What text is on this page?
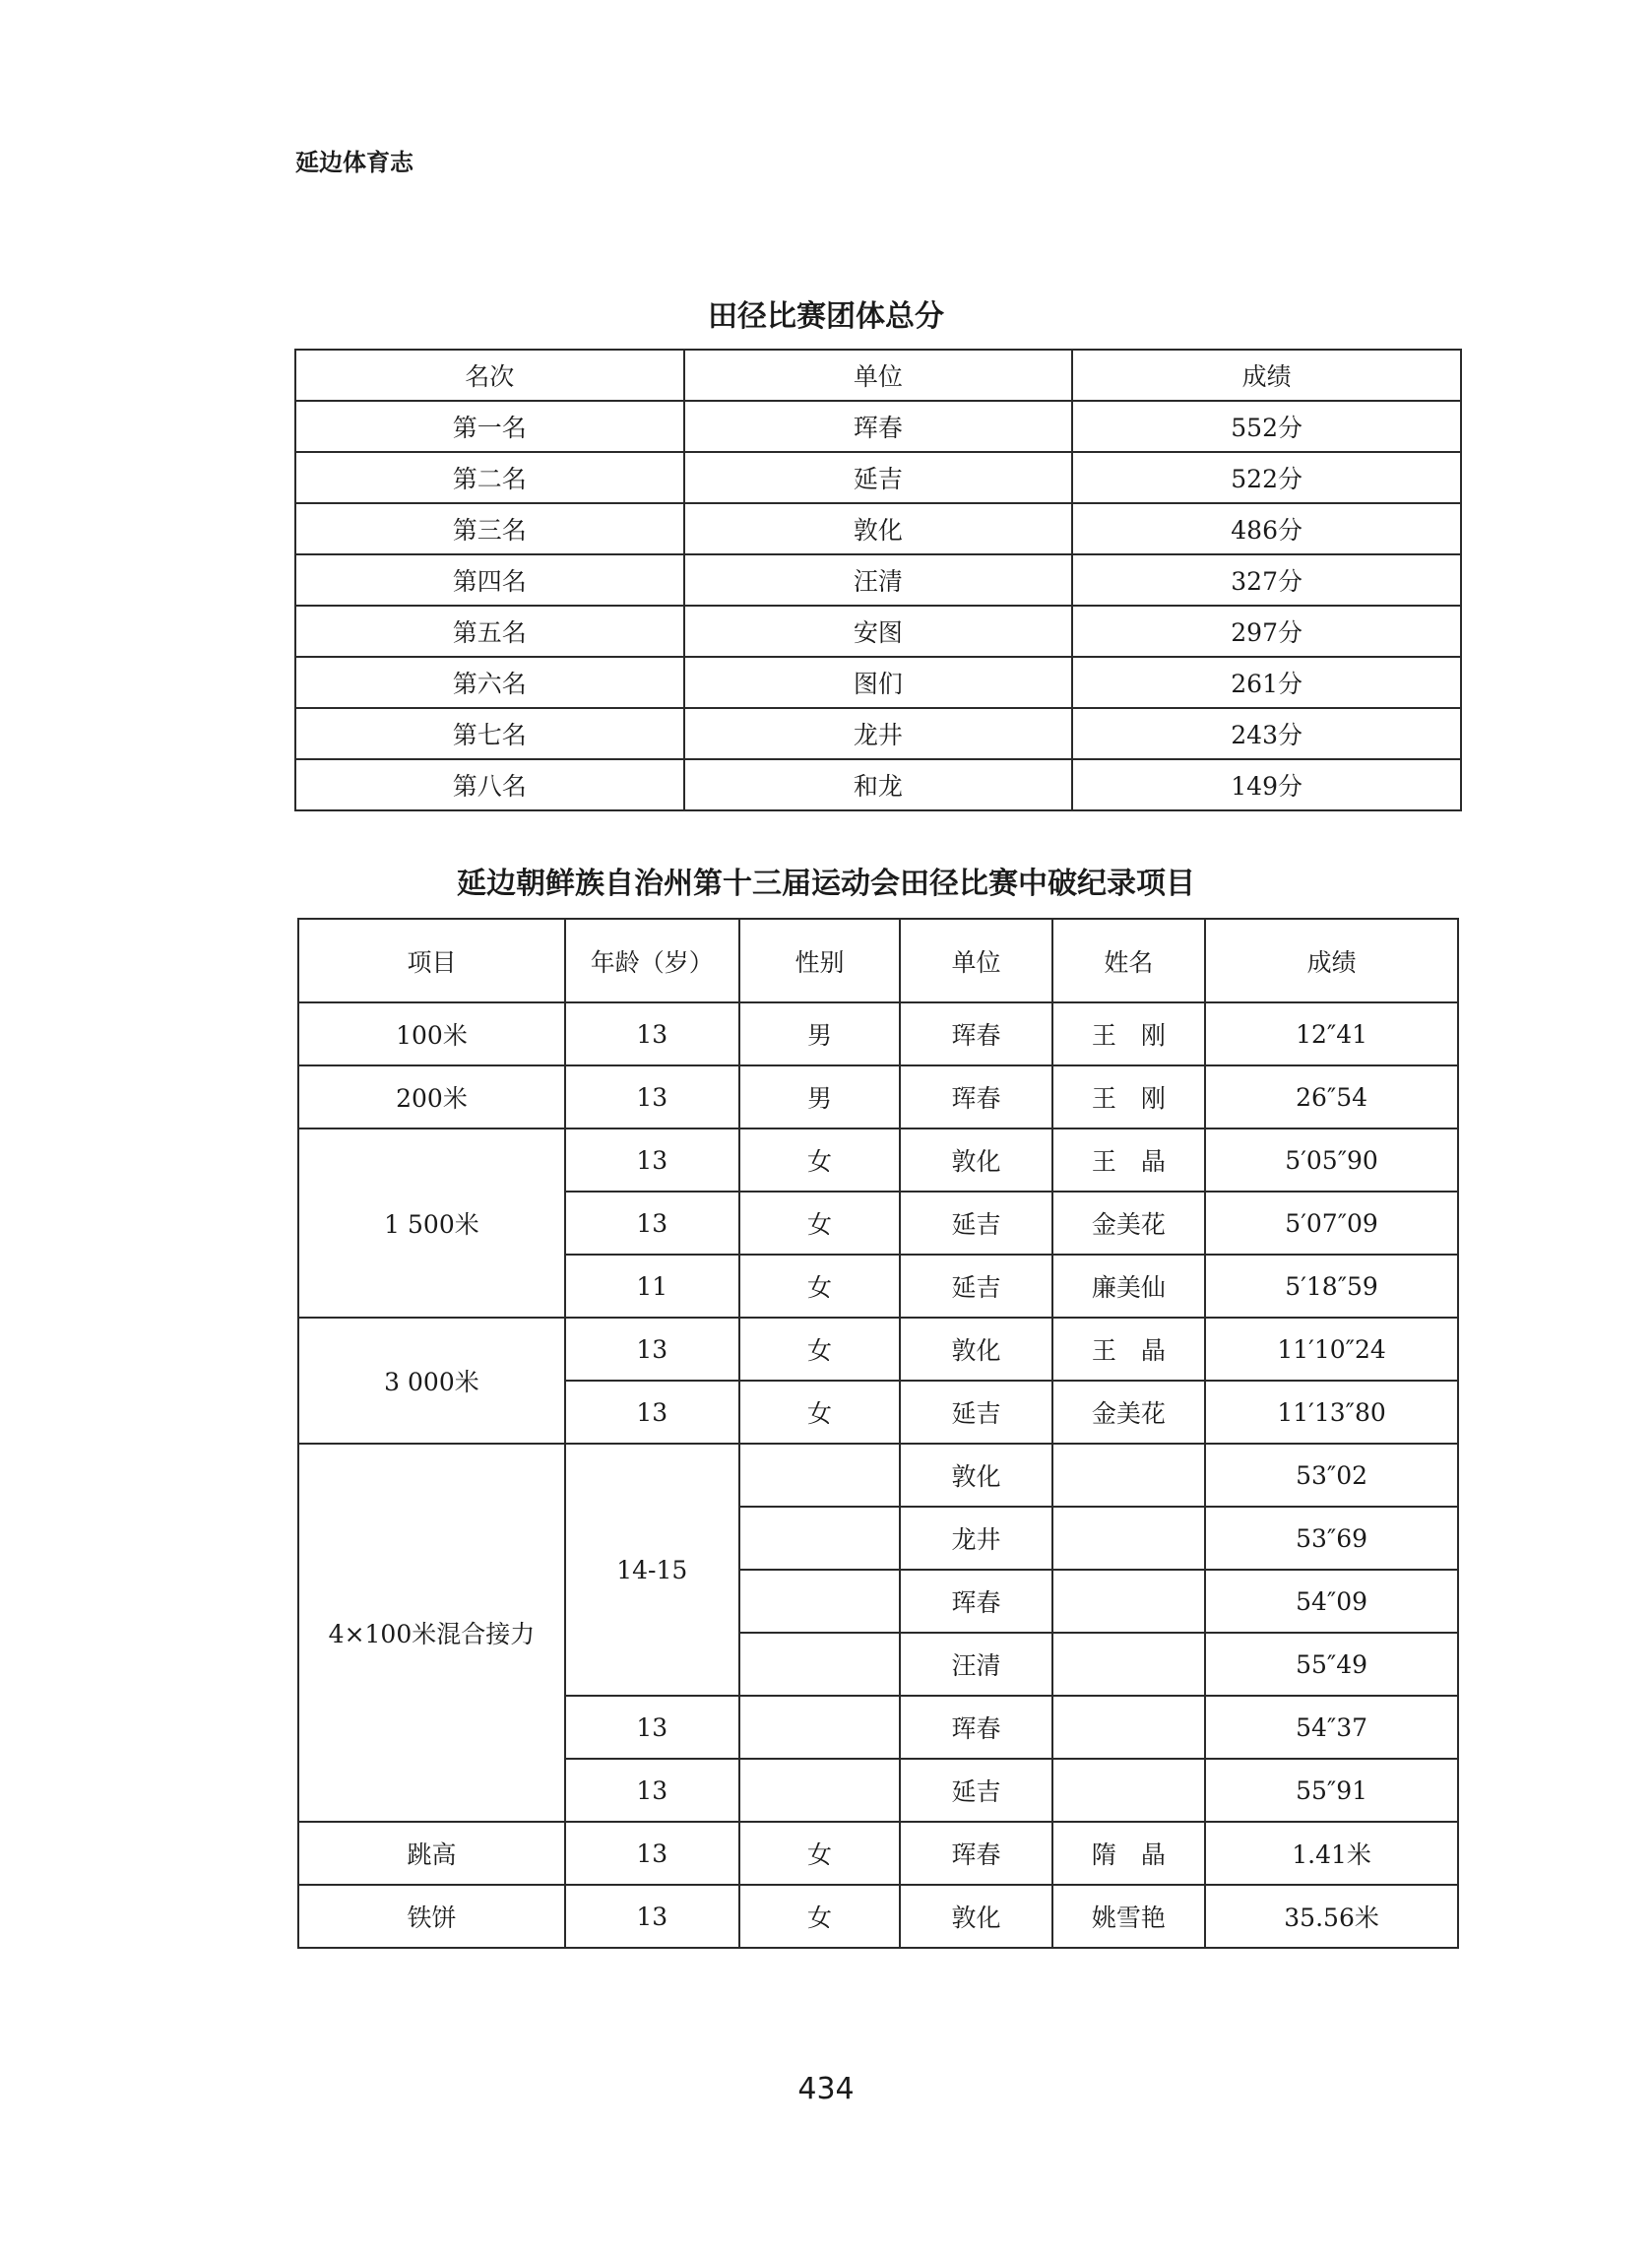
延边体育志
田径比赛团体总分
名次	单位	成绩
第一名	珲春	552分
第二名	延吉	522分
第三名	敦化	486分
第四名	汪清	327分
第五名	安图	297分
第六名	图们	261分
第七名	龙井	243分
第八名	和龙	149分
延边朝鲜族自治州第十三届运动会田径比赛中破纪录项目
项目	年龄（岁）	性别	单位	姓名	成绩
100米	13	男	珲春	王　刚	12″41
200米	13	男	珲春	王　刚	26″54
1 500米	13	女	敦化	王　晶	5′05″90
	13	女	延吉	金美花	5′07″09
	11	女	延吉	廉美仙	5′18″59
3 000米	13	女	敦化	王　晶	11′10″24
	13	女	延吉	金美花	11′13″80
4×100米混合接力	14-15		敦化		53″02
			龙井		53″69
			珲春		54″09
			汪清		55″49
	13		珲春		54″37
	13		延吉		55″91
跳高	13	女	珲春	隋　晶	1.41米
铁饼	13	女	敦化	姚雪艳	35.56米
434
